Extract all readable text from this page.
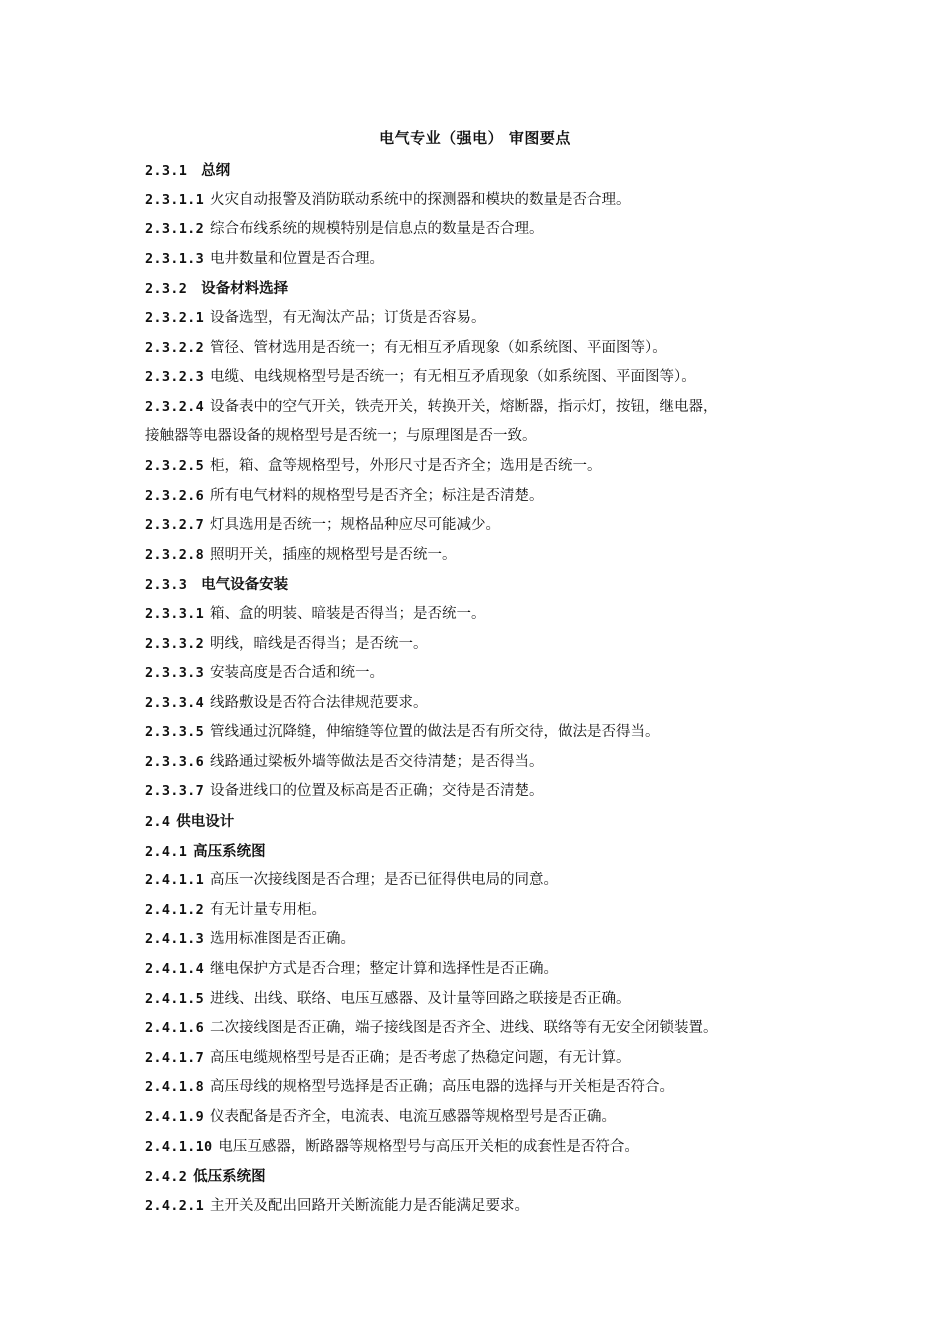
电气专业（强电） 审图要点
2.3.1 总纲
2.3.1.1 火灾自动报警及消防联动系统中的探测器和模块的数量是否合理。
2.3.1.2 综合布线系统的规模特别是信息点的数量是否合理。
2.3.1.3 电井数量和位置是否合理。
2.3.2 设备材料选择
2.3.2.1 设备选型，有无淘汰产品；订货是否容易。
2.3.2.2 管径、管材选用是否统一；有无相互矛盾现象（如系统图、平面图等）。
2.3.2.3 电缆、电线规格型号是否统一；有无相互矛盾现象（如系统图、平面图等）。
2.3.2.4 设备表中的空气开关，铁壳开关，转换开关，熔断器，指示灯，按钮，继电器，
接触器等电器设备的规格型号是否统一；与原理图是否一致。
2.3.2.5 柜，箱、盒等规格型号，外形尺寸是否齐全；选用是否统一。
2.3.2.6 所有电气材料的规格型号是否齐全；标注是否清楚。
2.3.2.7 灯具选用是否统一；规格品种应尽可能减少。
2.3.2.8 照明开关，插座的规格型号是否统一。
2.3.3 电气设备安装
2.3.3.1 箱、盒的明装、暗装是否得当；是否统一。
2.3.3.2 明线，暗线是否得当；是否统一。
2.3.3.3 安装高度是否合适和统一。
2.3.3.4 线路敷设是否符合法律规范要求。
2.3.3.5 管线通过沉降缝，伸缩缝等位置的做法是否有所交待，做法是否得当。
2.3.3.6 线路通过梁板外墙等做法是否交待清楚；是否得当。
2.3.3.7 设备进线口的位置及标高是否正确；交待是否清楚。
2.4 供电设计
2.4.1 高压系统图
2.4.1.1 高压一次接线图是否合理；是否已征得供电局的同意。
2.4.1.2 有无计量专用柜。
2.4.1.3 选用标准图是否正确。
2.4.1.4 继电保护方式是否合理；整定计算和选择性是否正确。
2.4.1.5 进线、出线、联络、电压互感器、及计量等回路之联接是否正确。
2.4.1.6 二次接线图是否正确，端子接线图是否齐全、进线、联络等有无安全闭锁装置。
2.4.1.7 高压电缆规格型号是否正确；是否考虑了热稳定问题，有无计算。
2.4.1.8 高压母线的规格型号选择是否正确；高压电器的选择与开关柜是否符合。
2.4.1.9 仪表配备是否齐全，电流表、电流互感器等规格型号是否正确。
2.4.1.10 电压互感器，断路器等规格型号与高压开关柜的成套性是否符合。
2.4.2 低压系统图
2.4.2.1 主开关及配出回路开关断流能力是否能满足要求。
